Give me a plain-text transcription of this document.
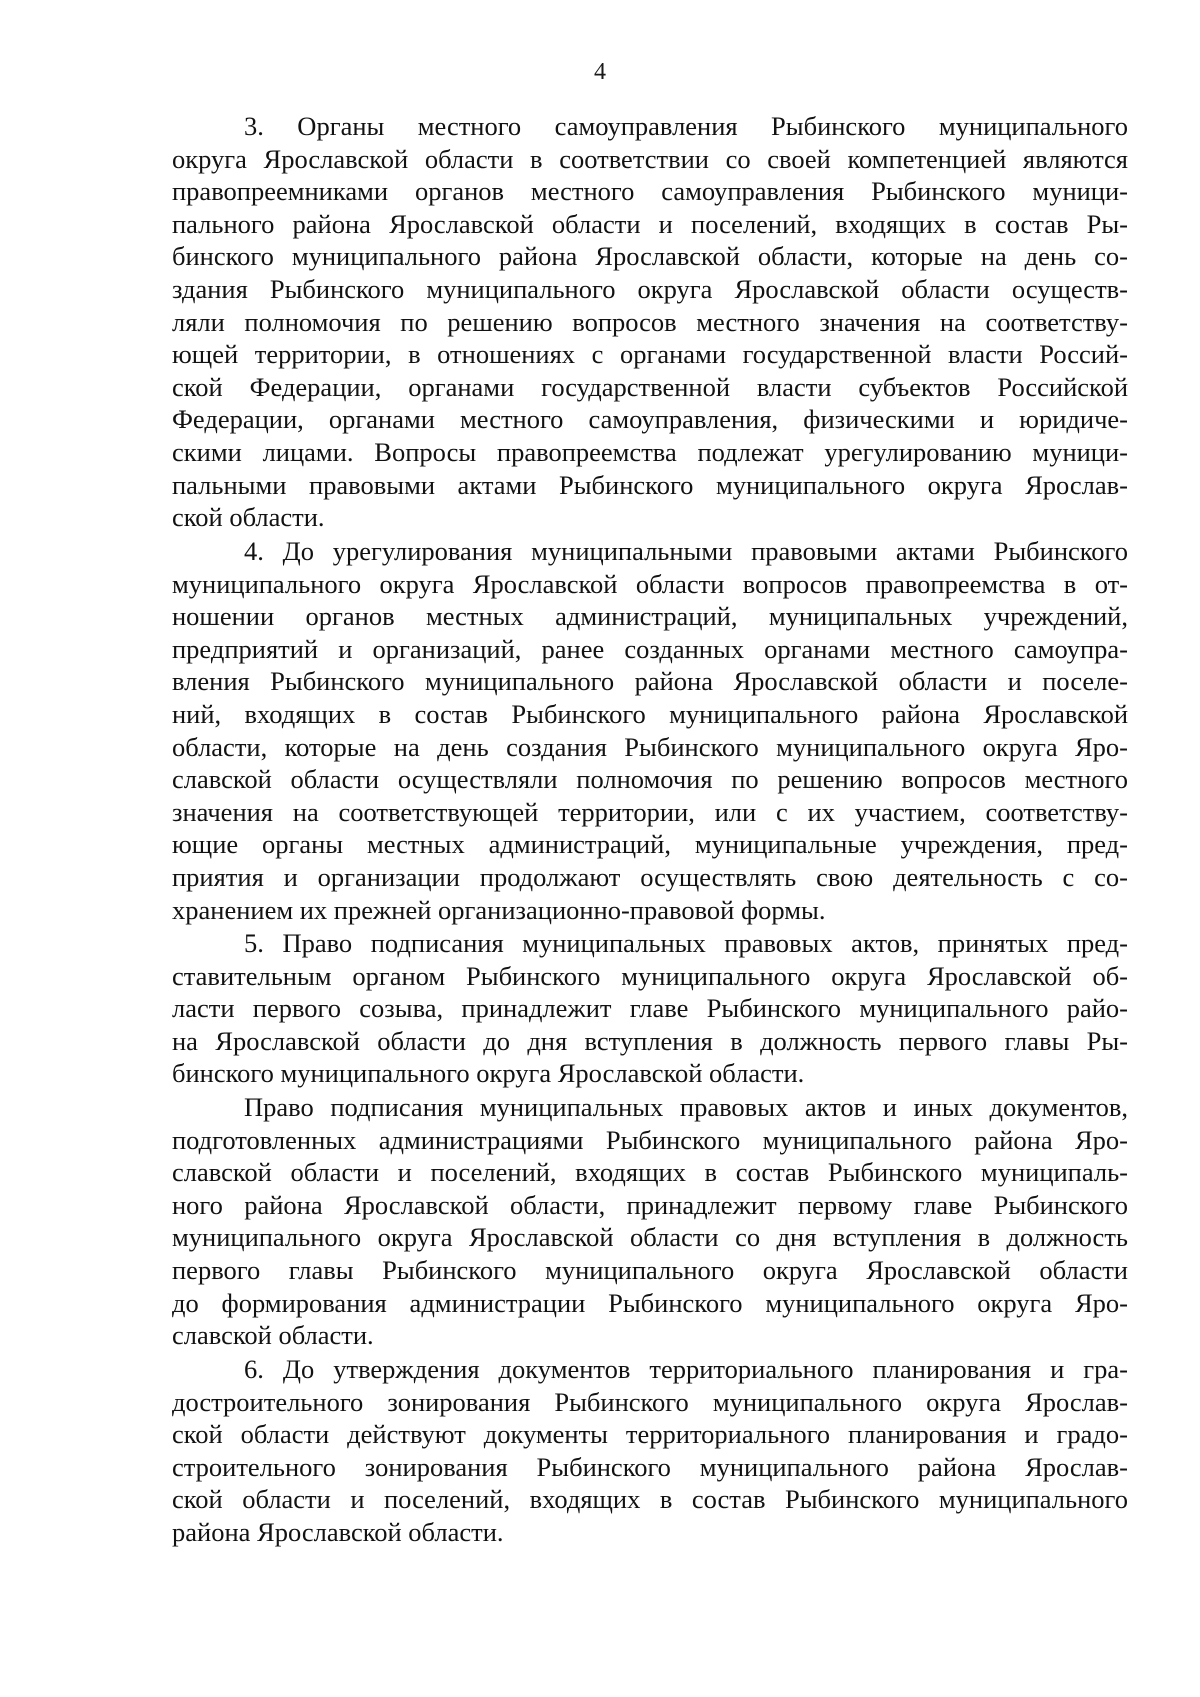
4
3. Органы местного самоуправления Рыбинского муниципального
округа Ярославской области в соответствии со своей компетенцией являются
правопреемниками органов местного самоуправления Рыбинского муници-
пального района Ярославской области и поселений, входящих в состав Ры-
бинского муниципального района Ярославской области, которые на день со-
здания Рыбинского муниципального округа Ярославской области осуществ-
ляли полномочия по решению вопросов местного значения на соответству-
ющей территории, в отношениях с органами государственной власти Россий-
ской Федерации, органами государственной власти субъектов Российской
Федерации, органами местного самоуправления, физическими и юридиче-
скими лицами. Вопросы правопреемства подлежат урегулированию муници-
пальными правовыми актами Рыбинского муниципального округа Ярослав-
ской области.
4. До урегулирования муниципальными правовыми актами Рыбинского
муниципального округа Ярославской области вопросов правопреемства в от-
ношении органов местных администраций, муниципальных учреждений,
предприятий и организаций, ранее созданных органами местного самоупра-
вления Рыбинского муниципального района Ярославской области и поселе-
ний, входящих в состав Рыбинского муниципального района Ярославской
области, которые на день создания Рыбинского муниципального округа Яро-
славской области осуществляли полномочия по решению вопросов местного
значения на соответствующей территории, или с их участием, соответству-
ющие органы местных администраций, муниципальные учреждения, пред-
приятия и организации продолжают осуществлять свою деятельность с со-
хранением их прежней организационно-правовой формы.
5. Право подписания муниципальных правовых актов, принятых пред-
ставительным органом Рыбинского муниципального округа Ярославской об-
ласти первого созыва, принадлежит главе Рыбинского муниципального райо-
на Ярославской области до дня вступления в должность первого главы Ры-
бинского муниципального округа Ярославской области.
Право подписания муниципальных правовых актов и иных документов,
подготовленных администрациями Рыбинского муниципального района Яро-
славской области и поселений, входящих в состав Рыбинского муниципаль-
ного района Ярославской области, принадлежит первому главе Рыбинского
муниципального округа Ярославской области со дня вступления в должность
первого главы Рыбинского муниципального округа Ярославской области
до формирования администрации Рыбинского муниципального округа Яро-
славской области.
6. До утверждения документов территориального планирования и гра-
достроительного зонирования Рыбинского муниципального округа Ярослав-
ской области действуют документы территориального планирования и градо-
строительного зонирования Рыбинского муниципального района Ярослав-
ской области и поселений, входящих в состав Рыбинского муниципального
района Ярославской области.
